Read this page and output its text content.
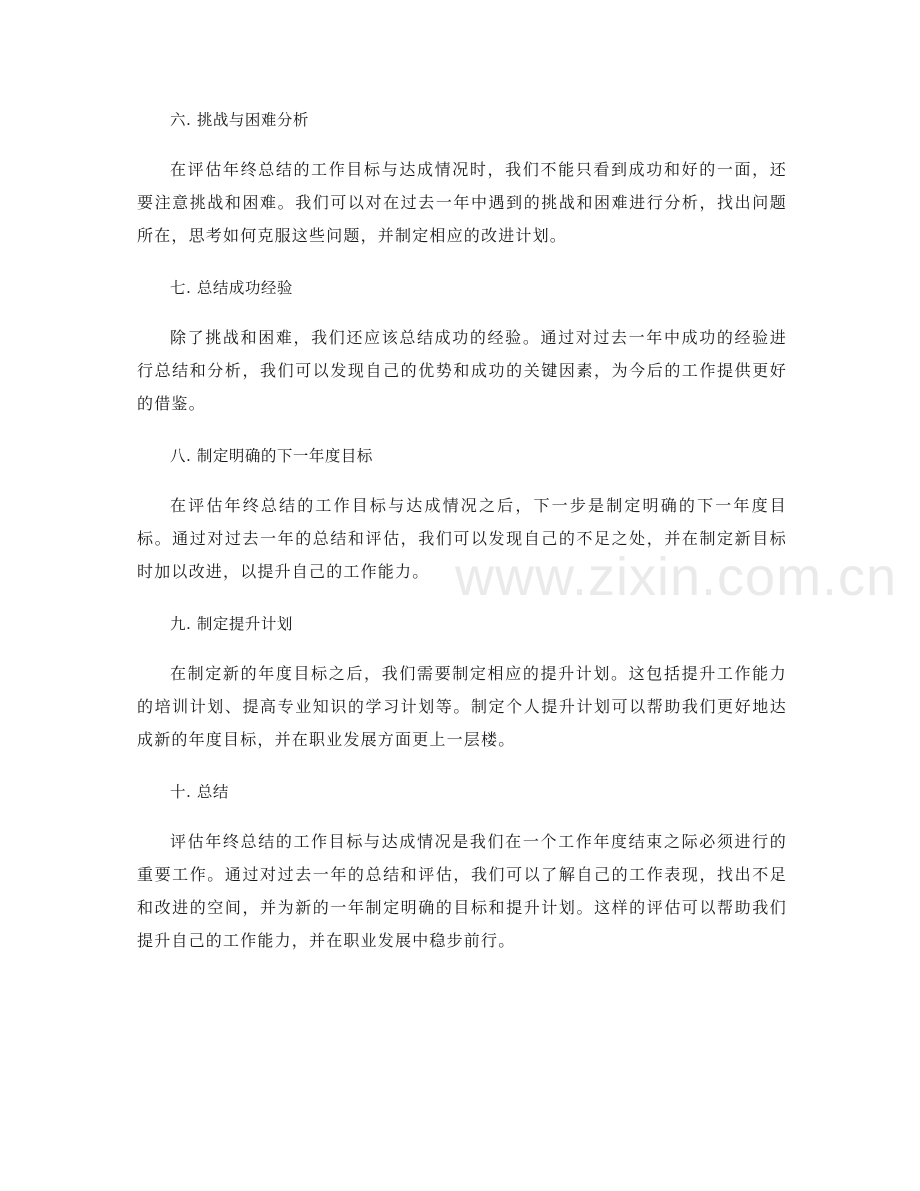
六. 挑战与困难分析

在评估年终总结的工作目标与达成情况时，我们不能只看到成功和好的一面，还要注意挑战和困难。我们可以对在过去一年中遇到的挑战和困难进行分析，找出问题所在，思考如何克服这些问题，并制定相应的改进计划。

七. 总结成功经验

除了挑战和困难，我们还应该总结成功的经验。通过对过去一年中成功的经验进行总结和分析，我们可以发现自己的优势和成功的关键因素，为今后的工作提供更好的借鉴。

八. 制定明确的下一年度目标

在评估年终总结的工作目标与达成情况之后，下一步是制定明确的下一年度目标。通过对过去一年的总结和评估，我们可以发现自己的不足之处，并在制定新目标时加以改进，以提升自己的工作能力。

九. 制定提升计划

在制定新的年度目标之后，我们需要制定相应的提升计划。这包括提升工作能力的培训计划、提高专业知识的学习计划等。制定个人提升计划可以帮助我们更好地达成新的年度目标，并在职业发展方面更上一层楼。

十. 总结

评估年终总结的工作目标与达成情况是我们在一个工作年度结束之际必须进行的重要工作。通过对过去一年的总结和评估，我们可以了解自己的工作表现，找出不足和改进的空间，并为新的一年制定明确的目标和提升计划。这样的评估可以帮助我们提升自己的工作能力，并在职业发展中稳步前行。

www.zixin.com.cn
